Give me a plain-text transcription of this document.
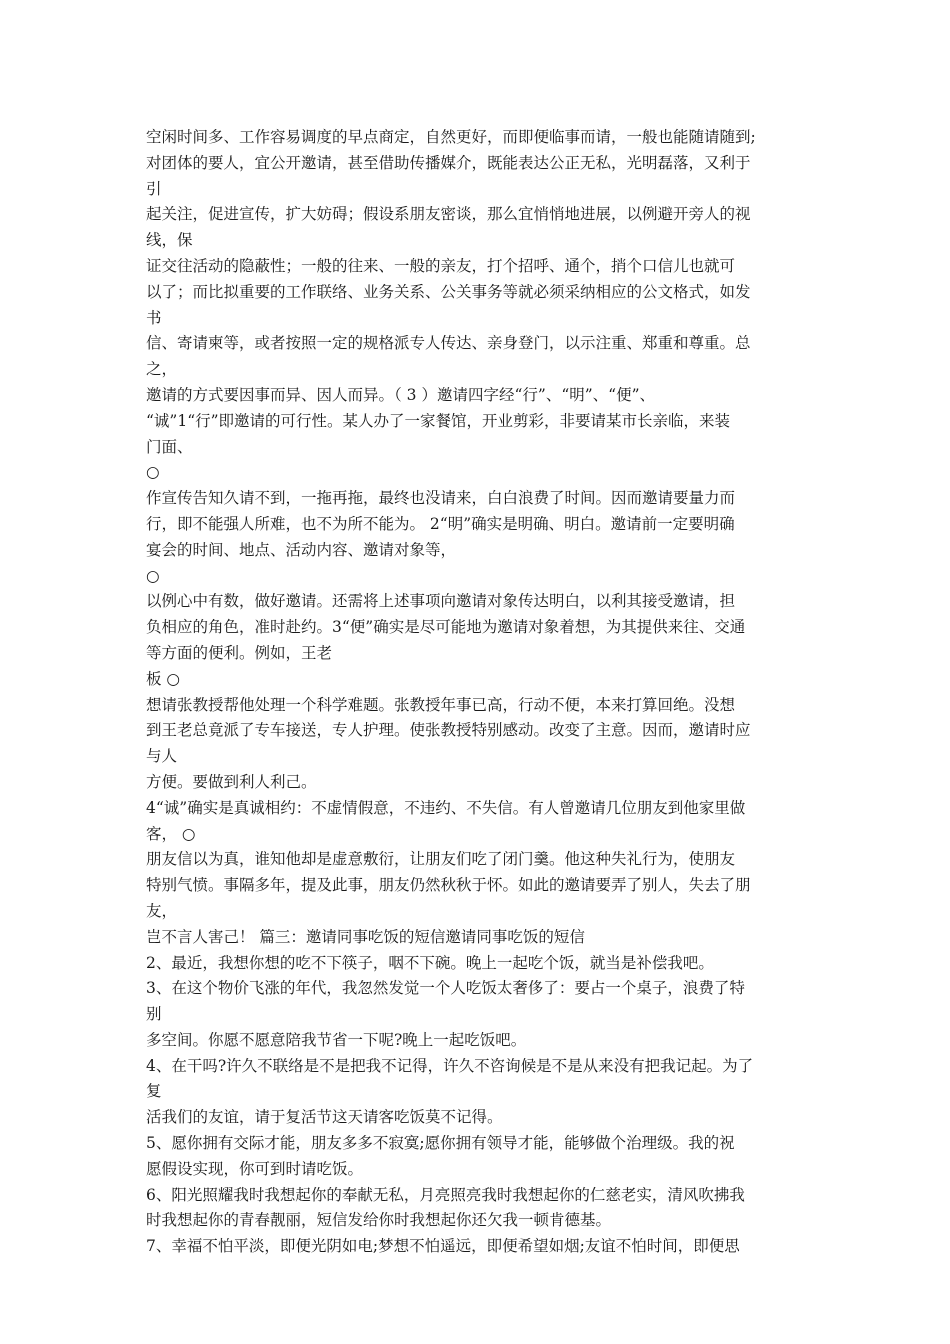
空闲时间多、工作容易调度的早点商定，自然更好，而即便临事而请，一般也能随请随到;
对团体的要人，宜公开邀请，甚至借助传播媒介，既能表达公正无私，光明磊落，又利于
引
起关注，促进宣传，扩大妨碍；假设系朋友密谈，那么宜悄悄地进展，以例避开旁人的视
线，保
证交往活动的隐蔽性；一般的往来、一般的亲友，打个招呼、通个，捎个口信儿也就可
以了；而比拟重要的工作联络、业务关系、公关事务等就必须采纳相应的公文格式，如发
书
信、寄请柬等，或者按照一定的规格派专人传达、亲身登门，以示注重、郑重和尊重。总
之，
邀请的方式要因事而异、因人而异。（ 3 ）邀请四字经“行”、“明”、“便”、
“诚”1“行”即邀请的可行性。某人办了一家餐馆，开业剪彩，非要请某市长亲临，来装
门面、
○
作宣传告知久请不到，一拖再拖，最终也没请来，白白浪费了时间。因而邀请要量力而
行，即不能强人所难，也不为所不能为。 2“明”确实是明确、明白。邀请前一定要明确
宴会的时间、地点、活动内容、邀请对象等，
○
以例心中有数，做好邀请。还需将上述事项向邀请对象传达明白，以利其接受邀请，担
负相应的角色，准时赴约。3“便”确实是尽可能地为邀请对象着想，为其提供来往、交通
等方面的便利。例如，王老
板 ○
想请张教授帮他处理一个科学难题。张教授年事已高，行动不便，本来打算回绝。没想
到王老总竟派了专车接送，专人护理。使张教授特别感动。改变了主意。因而，邀请时应
与人
方便。要做到利人利己。
4“诚”确实是真诚相约：不虚情假意，不违约、不失信。有人曾邀请几位朋友到他家里做
客， ○
朋友信以为真，谁知他却是虚意敷衍，让朋友们吃了闭门羹。他这种失礼行为，使朋友
特别气愤。事隔多年，提及此事，朋友仍然秋秋于怀。如此的邀请要弄了别人，失去了朋
友，
岂不言人害己！ 篇三：邀请同事吃饭的短信邀请同事吃饭的短信
2、最近，我想你想的吃不下筷子，咽不下碗。晚上一起吃个饭，就当是补偿我吧。
3、在这个物价飞涨的年代，我忽然发觉一个人吃饭太奢侈了：要占一个桌子，浪费了特
别
多空间。你愿不愿意陪我节省一下呢?晚上一起吃饭吧。
4、在干吗?许久不联络是不是把我不记得，许久不咨询候是不是从来没有把我记起。为了
复
活我们的友谊，请于复活节这天请客吃饭莫不记得。
5、愿你拥有交际才能，朋友多多不寂寞;愿你拥有领导才能，能够做个治理级。我的祝
愿假设实现，你可到时请吃饭。
6、阳光照耀我时我想起你的奉献无私，月亮照亮我时我想起你的仁慈老实，清风吹拂我
时我想起你的青春靓丽，短信发给你时我想起你还欠我一顿肯德基。
7、幸福不怕平淡，即便光阴如电;梦想不怕遥远，即便希望如烟;友谊不怕时间，即便思
